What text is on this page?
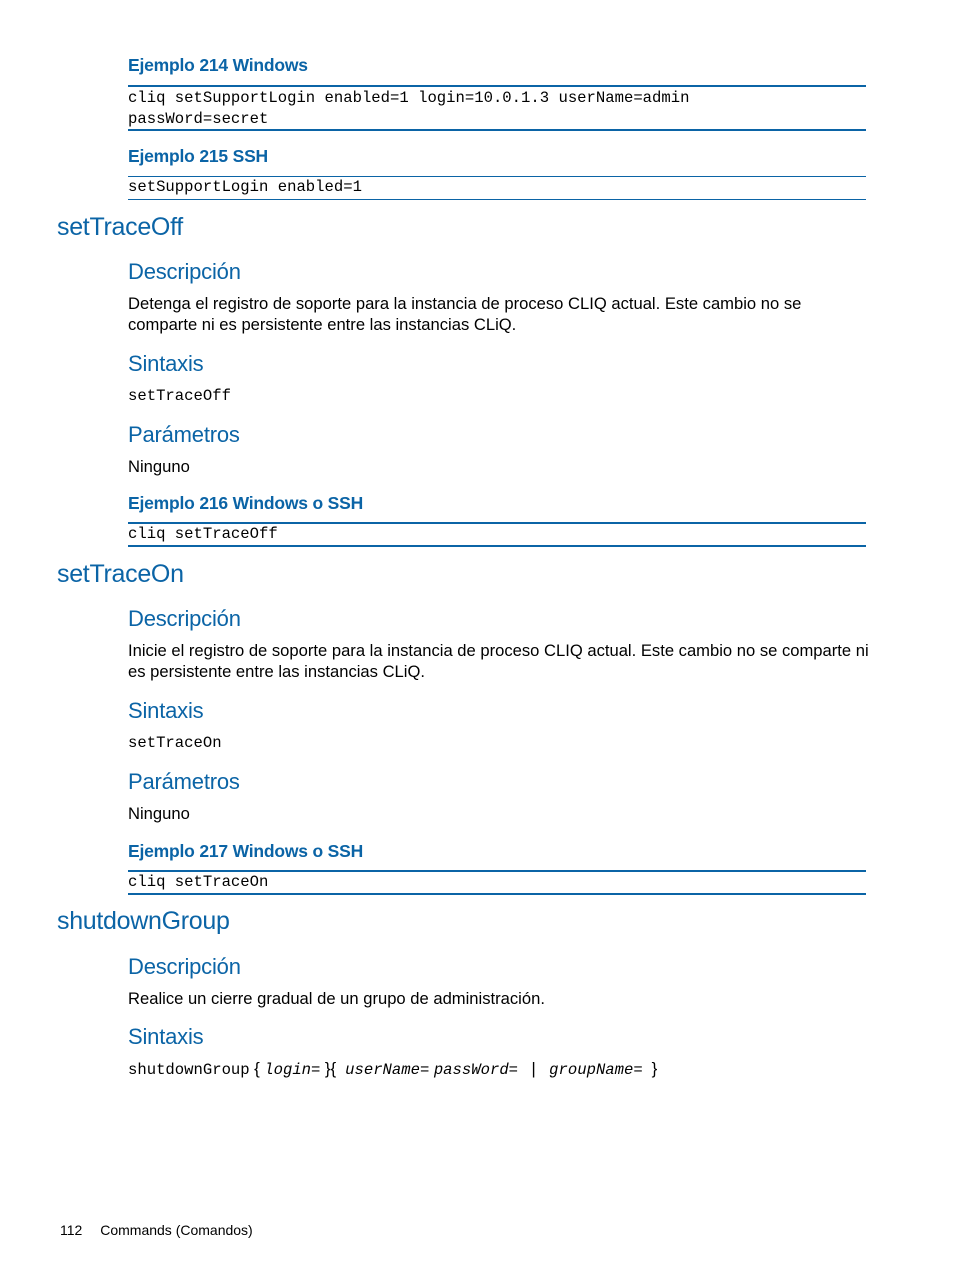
Ejemplo 214 Windows
cliq setSupportLogin enabled=1 login=10.0.1.3 userName=admin
passWord=secret
Ejemplo 215 SSH
setSupportLogin enabled=1
setTraceOff
Descripción
Detenga el registro de soporte para la instancia de proceso CLIQ actual. Este cambio no se comparte ni es persistente entre las instancias CLiQ.
Sintaxis
setTraceOff
Parámetros
Ninguno
Ejemplo 216 Windows o SSH
cliq setTraceOff
setTraceOn
Descripción
Inicie el registro de soporte para la instancia de proceso CLIQ actual. Este cambio no se comparte ni es persistente entre las instancias CLiQ.
Sintaxis
setTraceOn
Parámetros
Ninguno
Ejemplo 217 Windows o SSH
cliq setTraceOn
shutdownGroup
Descripción
Realice un cierre gradual de un grupo de administración.
Sintaxis
shutdownGroup { login= }{ userName= passWord= | groupName= }
112 Commands (Comandos)
